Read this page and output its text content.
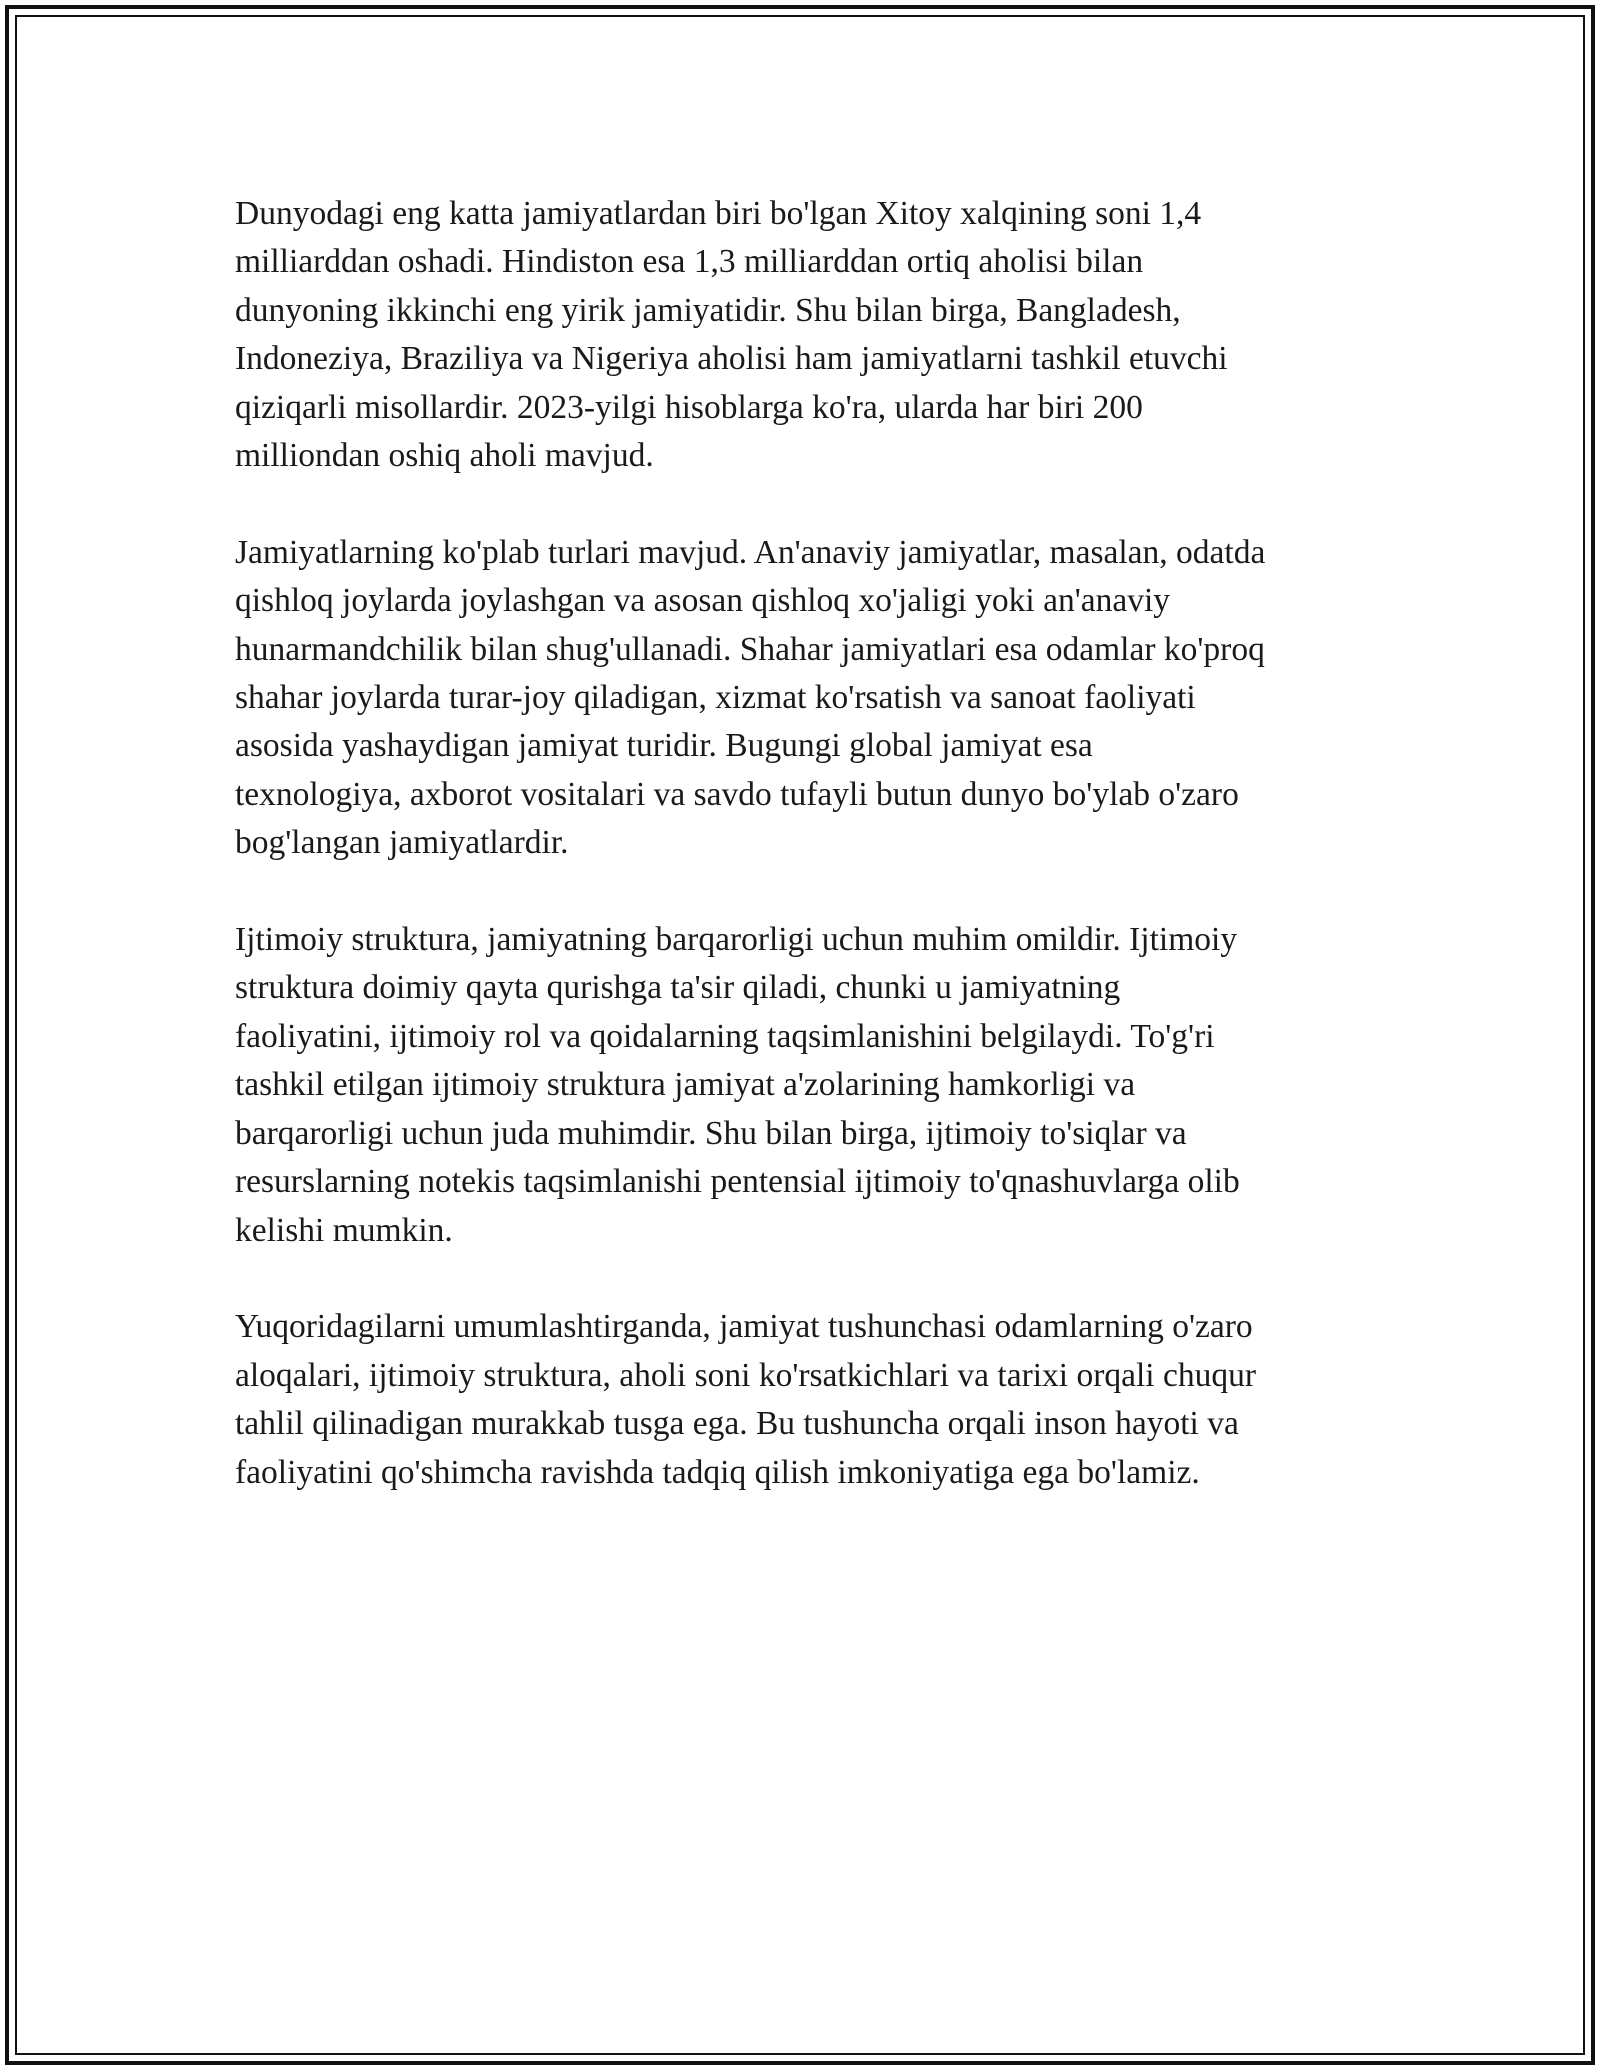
Dunyodagi eng katta jamiyatlardan biri bo'lgan Xitoy xalqining soni 1,4
milliarddan oshadi. Hindiston esa 1,3 milliarddan ortiq aholisi bilan
dunyoning ikkinchi eng yirik jamiyatidir. Shu bilan birga, Bangladesh,
Indoneziya, Braziliya va Nigeriya aholisi ham jamiyatlarni tashkil etuvchi
qiziqarli misollardir. 2023-yilgi hisoblarga ko'ra, ularda har biri 200
milliondan oshiq aholi mavjud.

Jamiyatlarning ko'plab turlari mavjud. An'anaviy jamiyatlar, masalan, odatda
qishloq joylarda joylashgan va asosan qishloq xo'jaligi yoki an'anaviy
hunarmandchilik bilan shug'ullanadi. Shahar jamiyatlari esa odamlar ko'proq
shahar joylarda turar-joy qiladigan, xizmat ko'rsatish va sanoat faoliyati
asosida yashaydigan jamiyat turidir. Bugungi global jamiyat esa
texnologiya, axborot vositalari va savdo tufayli butun dunyo bo'ylab o'zaro
bog'langan jamiyatlardir.

Ijtimoiy struktura, jamiyatning barqarorligi uchun muhim omildir. Ijtimoiy
struktura doimiy qayta qurishga ta'sir qiladi, chunki u jamiyatning
faoliyatini, ijtimoiy rol va qoidalarning taqsimlanishini belgilaydi. To'g'ri
tashkil etilgan ijtimoiy struktura jamiyat a'zolarining hamkorligi va
barqarorligi uchun juda muhimdir. Shu bilan birga, ijtimoiy to'siqlar va
resurslarning notekis taqsimlanishi pentensial ijtimoiy to'qnashuvlarga olib
kelishi mumkin.

Yuqoridagilarni umumlashtirganda, jamiyat tushunchasi odamlarning o'zaro
aloqalari, ijtimoiy struktura, aholi soni ko'rsatkichlari va tarixi orqali chuqur
tahlil qilinadigan murakkab tusga ega. Bu tushuncha orqali inson hayoti va
faoliyatini qo'shimcha ravishda tadqiq qilish imkoniyatiga ega bo'lamiz.
